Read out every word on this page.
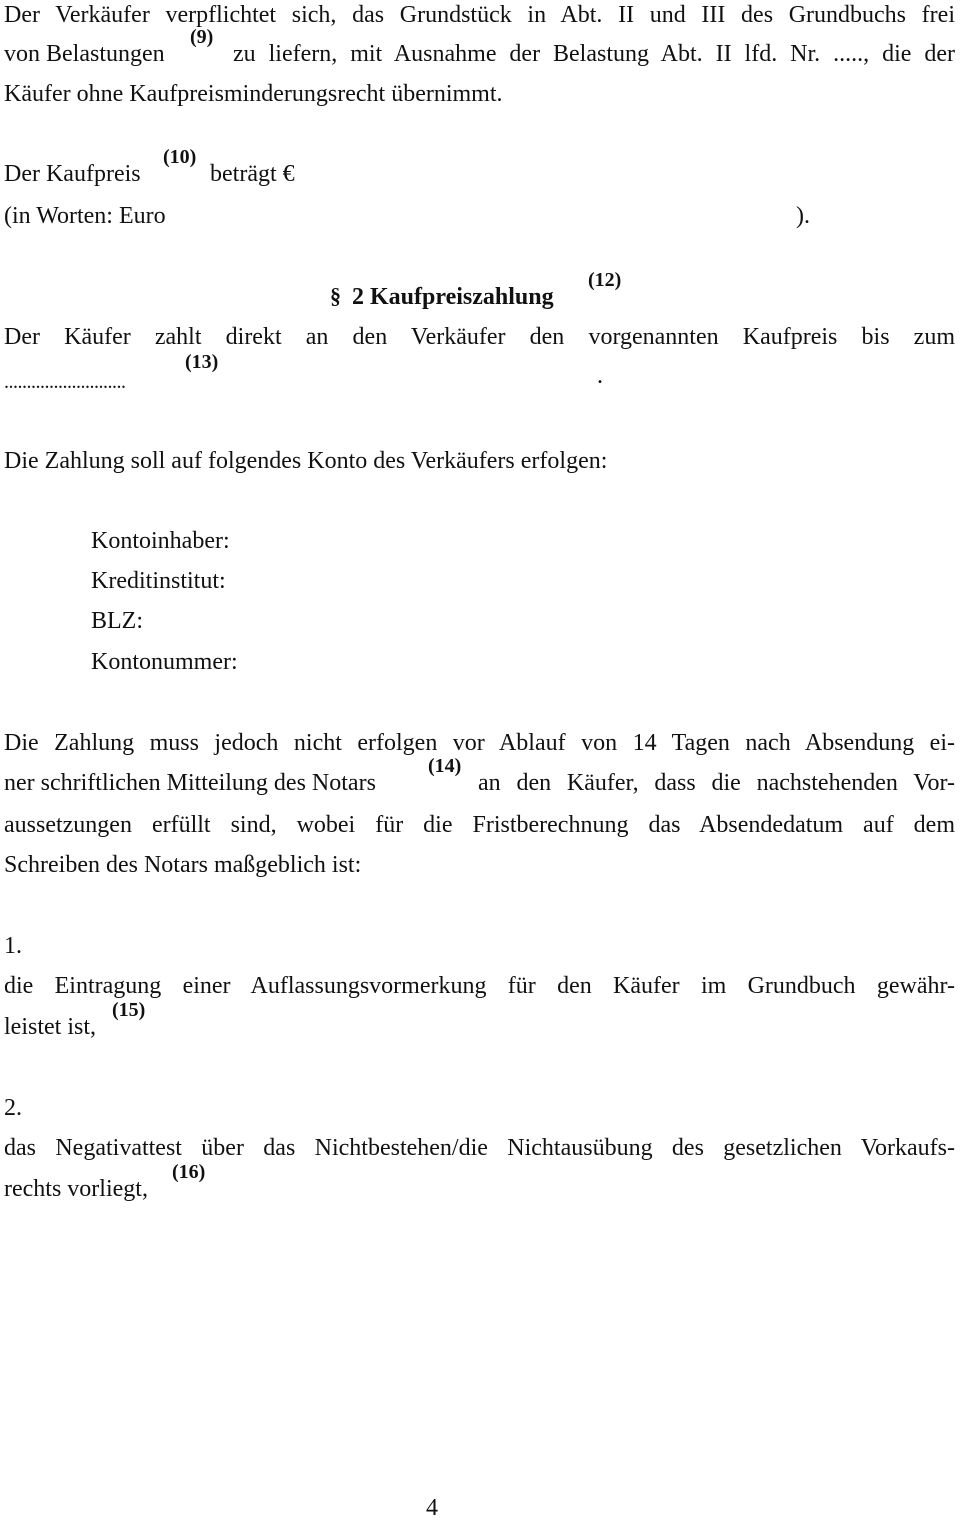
Der Verkäufer verpflichtet sich, das Grundstück in Abt. II und III des Grundbuchs frei
von Belastungen
(9)
zu liefern, mit Ausnahme der Belastung Abt. II lfd. Nr. ....., die der
Käufer ohne Kaufpreisminderungsrecht übernimmt.
Der Kaufpreis
(10)
beträgt €
(in Worten: Euro	).
§ 2 Kaufpreiszahlung
(12)
Der Käufer zahlt direkt an den Verkäufer den vorgenannten Kaufpreis bis zum
...........................
(13)
.
Die Zahlung soll auf folgendes Konto des Verkäufers erfolgen:
Kontoinhaber:
Kreditinstitut:
BLZ:
Kontonummer:
Die Zahlung muss jedoch nicht erfolgen vor Ablauf von 14 Tagen nach Absendung ei-
ner schriftlichen Mitteilung des Notars
(14)
an den Käufer, dass die nachstehenden Vor-
aussetzungen erfüllt sind, wobei für die Fristberechnung das Absendedatum auf dem
Schreiben des Notars maßgeblich ist:
1.
die Eintragung einer Auflassungsvormerkung für den Käufer im Grundbuch gewähr-
leistet ist,
(15)
2.
das Negativattest über das Nichtbestehen/die Nichtausübung des gesetzlichen Vorkaufs-
rechts vorliegt,
(16)
4
